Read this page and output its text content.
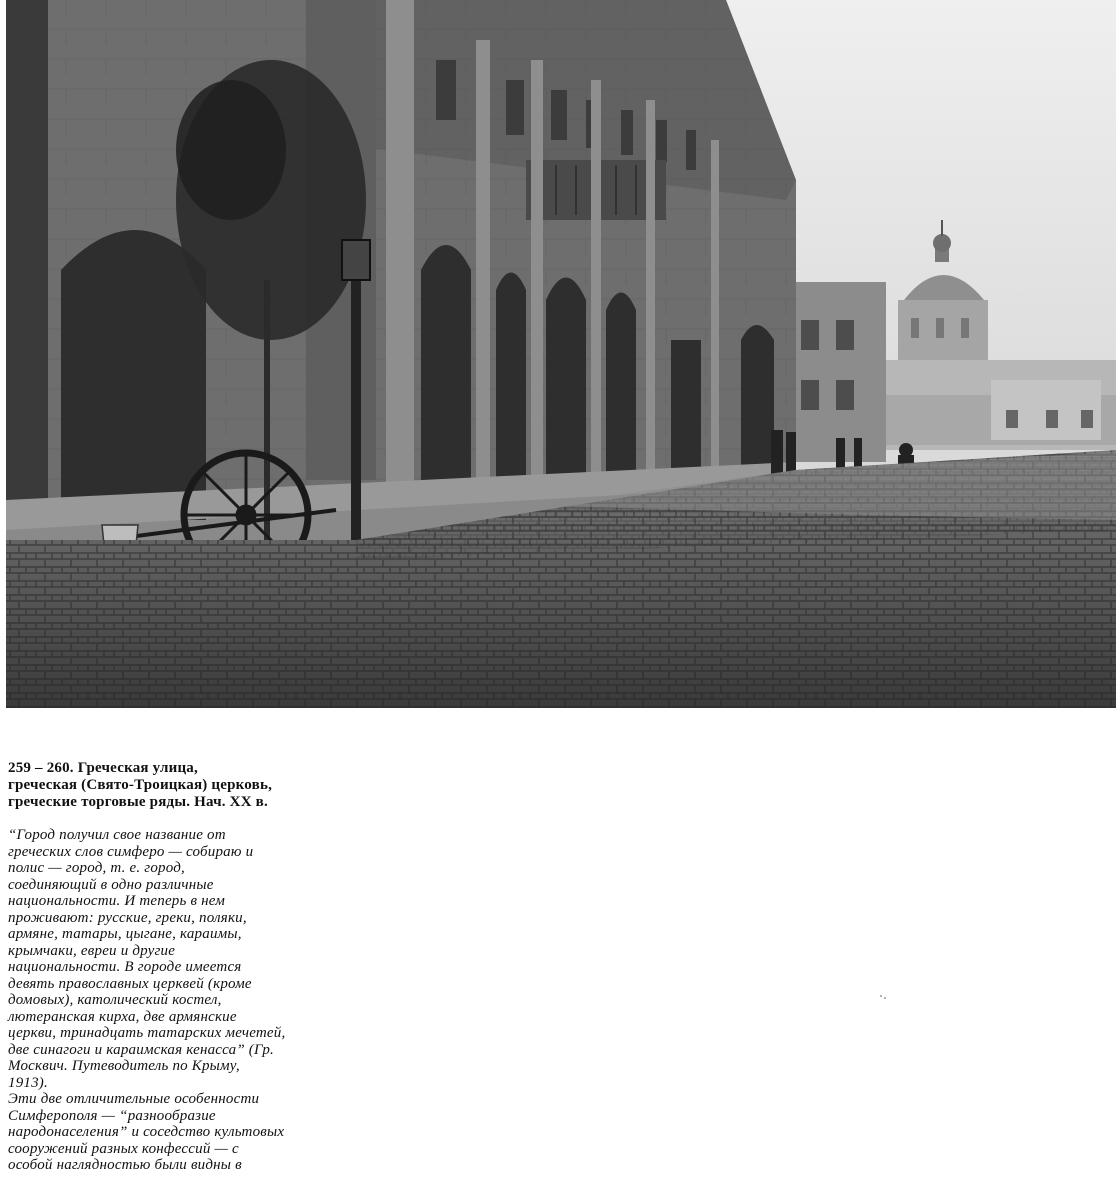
259 – 260. Греческая улица,
греческая (Свято-Троицкая) церковь,
греческие торговые ряды. Нач. XX в.
“Город получил свое название от
греческих слов симферо — собираю и
полис — город, т. е. город,
соединяющий в одно различные
национальности. И теперь в нем
проживают: русские, греки, поляки,
армяне, татары, цыгане, караимы,
крымчаки, евреи и другие
национальности. В городе имеется
девять православных церквей (кроме
домовых), католический костел,
лютеранская кирха, две армянские
церкви, тринадцать татарских мечетей,
две синагоги и караимская кенасса” (Гр.
Москвич. Путеводитель по Крыму,
1913).
Эти две отличительные особенности
Симферополя — “разнообразие
народонаселения” и соседство культовых
сооружений разных конфессий — с
особой наглядностью были видны в
